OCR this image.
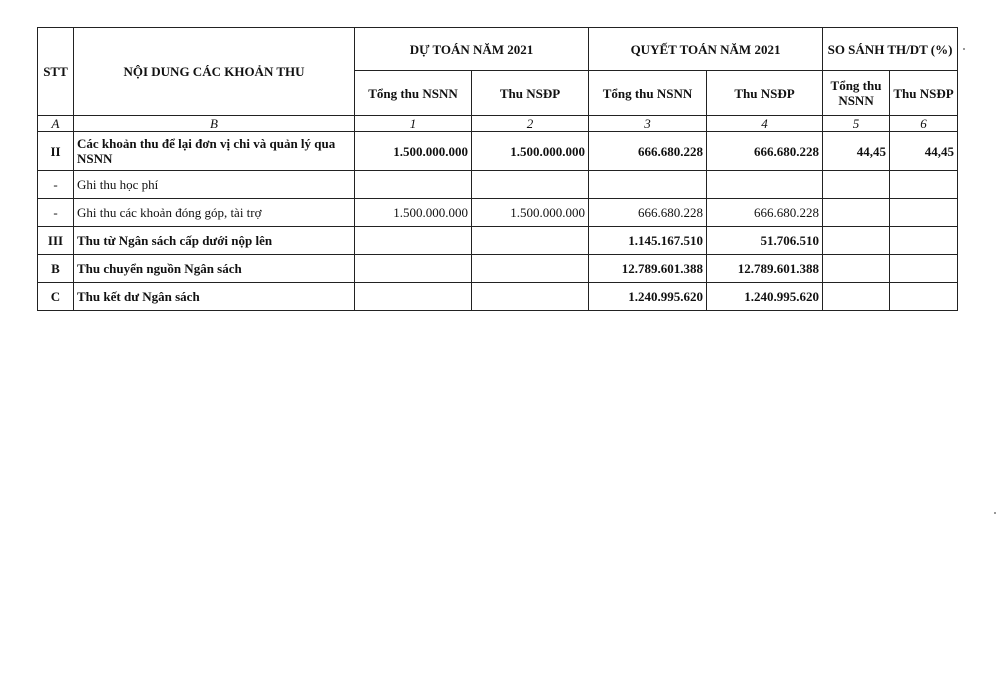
STT	NỘI DUNG CÁC KHOẢN THU	DỰ TOÁN NĂM 2021		QUYẾT TOÁN NĂM 2021		SO SÁNH TH/DT (%)	
		Tổng thu NSNN	Thu NSĐP	Tổng thu NSNN	Thu NSĐP	Tổng thu NSNN	Thu NSĐP
A	B	1	2	3	4	5	6
II	Các khoản thu để lại đơn vị chi và quản lý qua NSNN	1.500.000.000	1.500.000.000	666.680.228	666.680.228	44,45	44,45
-	Ghi thu học phí						
-	Ghi thu các khoản đóng góp, tài trợ	1.500.000.000	1.500.000.000	666.680.228	666.680.228		
III	Thu từ Ngân sách cấp dưới nộp lên			1.145.167.510	51.706.510		
B	Thu chuyển nguồn Ngân sách			12.789.601.388	12.789.601.388		
C	Thu kết dư Ngân sách			1.240.995.620	1.240.995.620		
